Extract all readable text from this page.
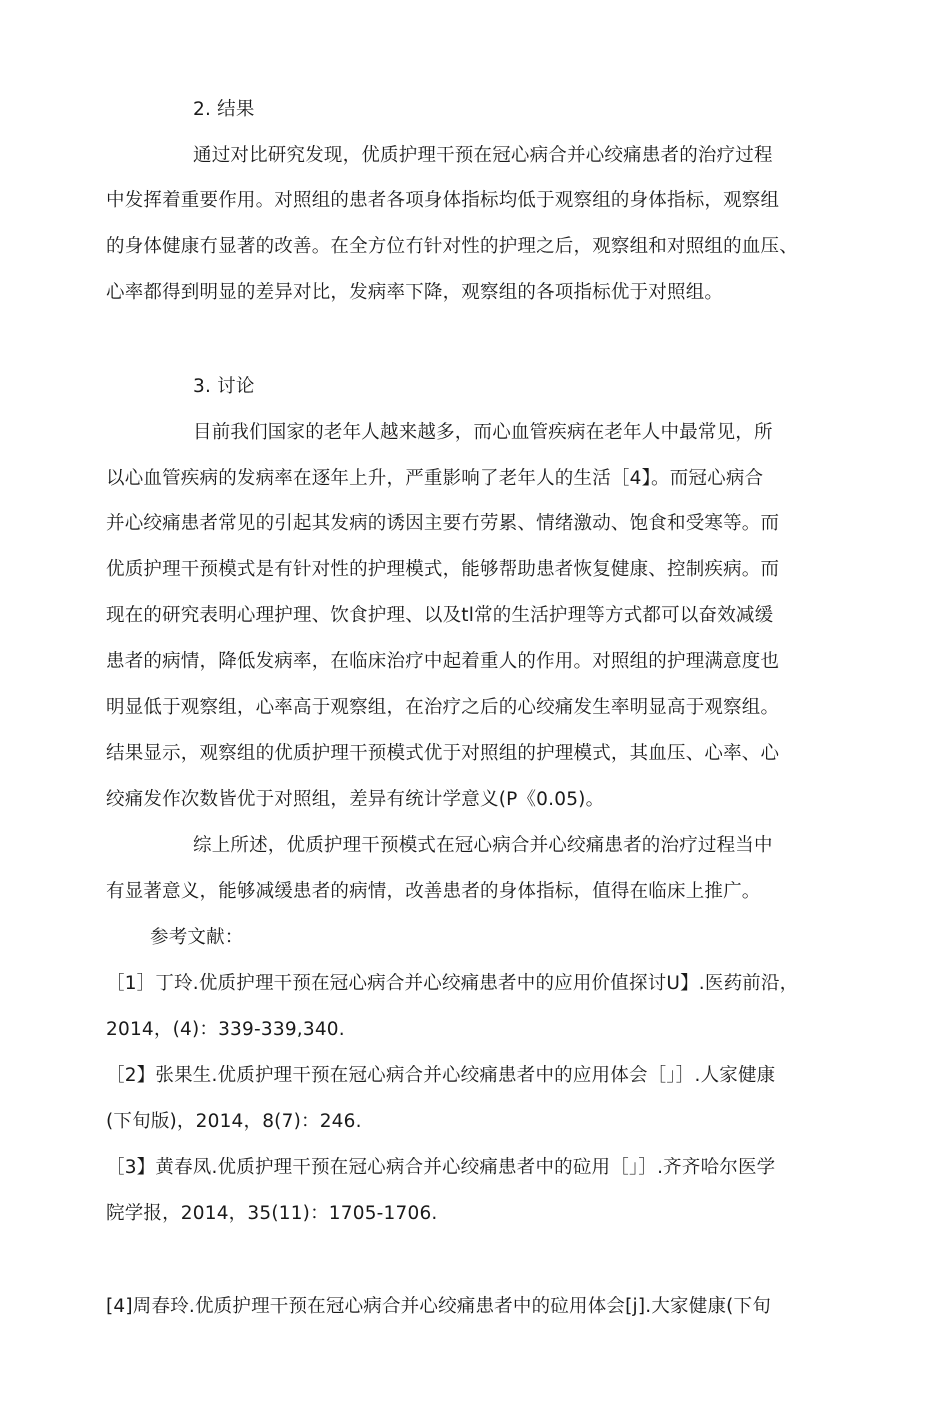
2. 结果
通过对比研究发现，优质护理干预在冠心病合并心绞痛患者的治疗过程
中发挥着重要作用。对照组的患者各项身体指标均低于观察组的身体指标，观察组
的身体健康冇显著的改善。在全方位冇针对性的护理之后，观察组和对照组的血压、
心率都得到明显的差异对比，发病率下降，观察组的各项指标优于对照组。
3. 讨论
目前我们国家的老年人越来越多，而心血管疾病在老年人中最常见，所
以心血管疾病的发病率在逐年上升，严重影响了老年人的生活［4】。而冠心病合
并心绞痛患者常见的引起其发病的诱因主要冇劳累、情绪激动、饱食和受寒等。而
优质护理干预模式是有针对性的护理模式，能够帮助患者恢复健康、控制疾病。而
现在的研究表明心理护理、饮食护理、以及tl常的生活护理等方式都可以奋效减缓
患者的病情，降低发病率，在临床治疗中起着重人的作用。对照组的护理满意度也
明显低于观察组，心率高于观察组，在治疗之后的心绞痛发生率明显高于观察组。
结果显示，观察组的优质护理干预模式优于对照组的护理模式，其血压、心率、心
绞痛发作次数皆优于对照组，差异有统计学意义(P《0.05)。
综上所述，优质护理干预模式在冠心病合并心绞痛患者的治疗过程当中
有显著意义，能够减缓患者的病情，改善患者的身体指标，值得在临床上推广。
参考文献：
［1］丁玲.优质护理干预在冠心病合并心绞痛患者中的应用价值探讨U】.医药前沿，
2014，(4)：339-339,340.
［2】张果生.优质护理干预在冠心病合并心绞痛患者中的应用体会［」］.人家健康
(下旬版)，2014，8(7)：246.
［3】黄春凤.优质护理干预在冠心病合并心绞痛患者中的砬用［」］.齐齐哈尔医学
院学报，2014，35(11)：1705-1706.
[4]周春玲.优质护理干预在冠心病合并心绞痛患者中的砬用体会[j].大家健康(下旬
